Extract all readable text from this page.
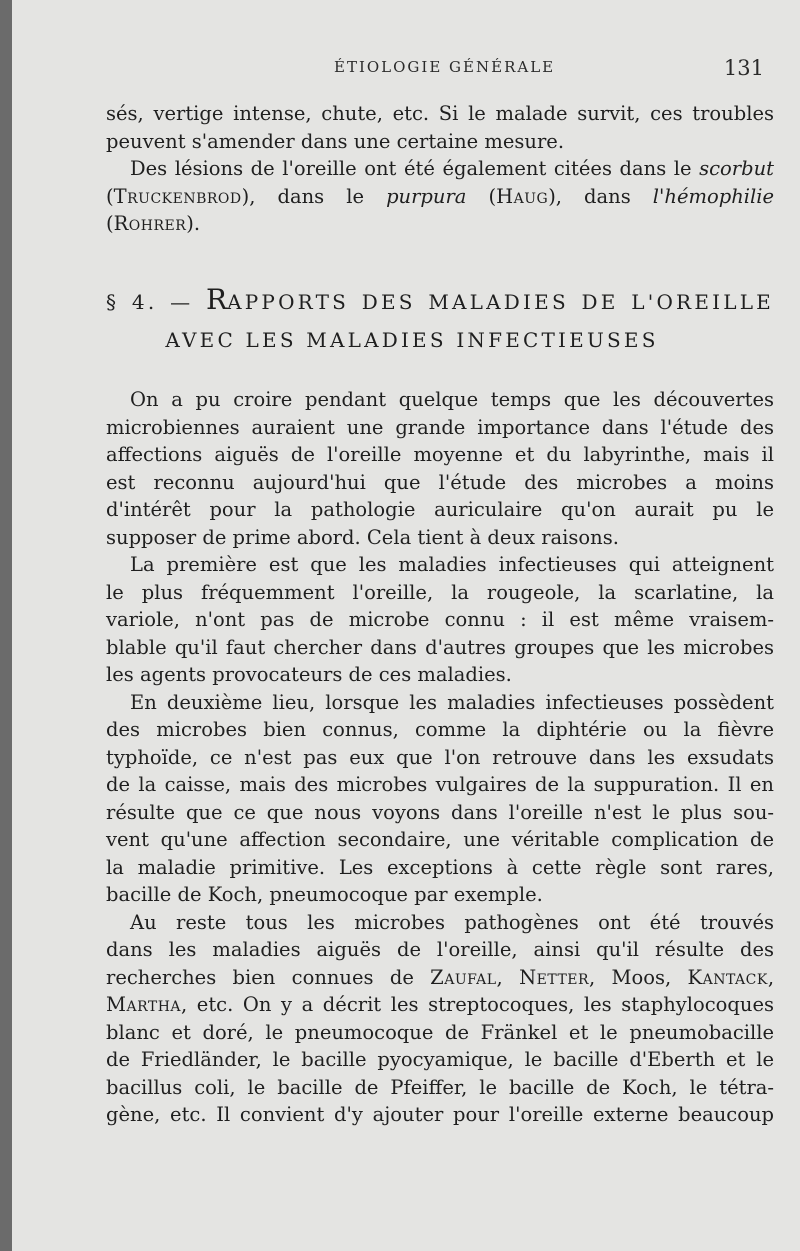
ÉTIOLOGIE GÉNÉRALE	131
sés, vertige intense, chute, etc. Si le malade survit, ces troubles
peuvent s'amender dans une certaine mesure.
Des lésions de l'oreille ont été également citées dans le scorbut
(Truckenbrod), dans le purpura (Haug), dans l'hémophilie
(Rohrer).
§ 4. — RAPPORTS DES MALADIES DE L'OREILLE
AVEC LES MALADIES INFECTIEUSES
On a pu croire pendant quelque temps que les découvertes
microbiennes auraient une grande importance dans l'étude des
affections aiguës de l'oreille moyenne et du labyrinthe, mais il
est reconnu aujourd'hui que l'étude des microbes a moins
d'intérêt pour la pathologie auriculaire qu'on aurait pu le
supposer de prime abord. Cela tient à deux raisons.
La première est que les maladies infectieuses qui atteignent
le plus fréquemment l'oreille, la rougeole, la scarlatine, la
variole, n'ont pas de microbe connu : il est même vraisem-
blable qu'il faut chercher dans d'autres groupes que les microbes
les agents provocateurs de ces maladies.
En deuxième lieu, lorsque les maladies infectieuses possèdent
des microbes bien connus, comme la diphtérie ou la fièvre
typhoïde, ce n'est pas eux que l'on retrouve dans les exsudats
de la caisse, mais des microbes vulgaires de la suppuration. Il en
résulte que ce que nous voyons dans l'oreille n'est le plus sou-
vent qu'une affection secondaire, une véritable complication de
la maladie primitive. Les exceptions à cette règle sont rares,
bacille de Koch, pneumocoque par exemple.
Au reste tous les microbes pathogènes ont été trouvés
dans les maladies aiguës de l'oreille, ainsi qu'il résulte des
recherches bien connues de Zaufal, Netter, Moos, Kantack,
Martha, etc. On y a décrit les streptocoques, les staphylocoques
blanc et doré, le pneumocoque de Fränkel et le pneumobacille
de Friedländer, le bacille pyocyamique, le bacille d'Eberth et le
bacillus coli, le bacille de Pfeiffer, le bacille de Koch, le tétra-
gène, etc. Il convient d'y ajouter pour l'oreille externe beaucoup
